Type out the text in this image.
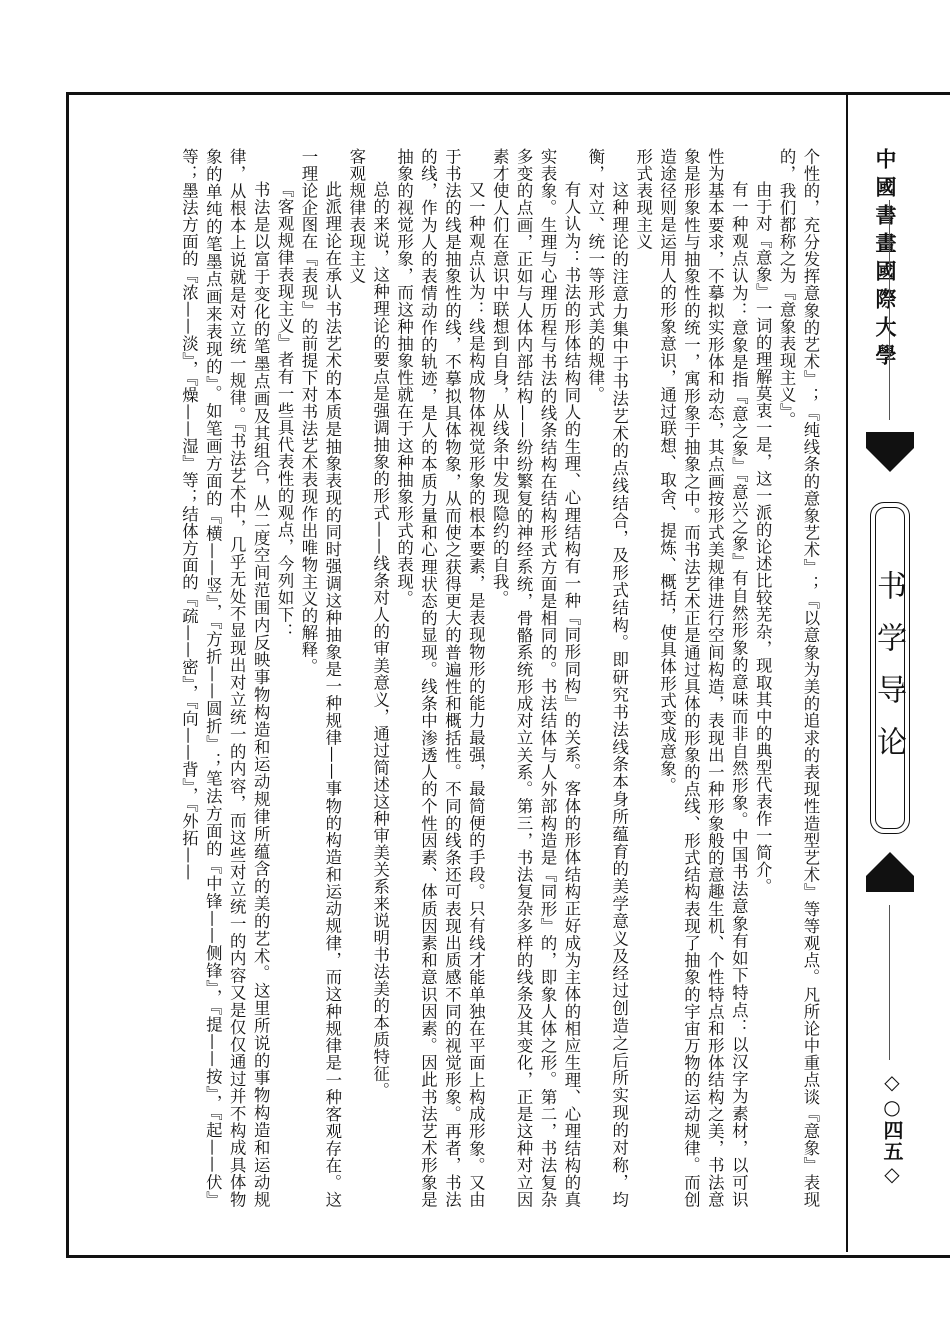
中國書畫國際大學
书学导论
◇○四五◇

个性的，充分发挥意象的艺术』；『纯线条的意象艺术』；『以意象为美的追求的表现性造型艺术』等等观点。凡所论中重点谈『意象』表现的，我们都称之为『意象表现主义』。

由于对『意象』一词的理解莫衷一是，这一派的论述比较芜杂，现取其中的典型代表作一简介。

有一种观点认为：意象是指『意之象』『意兴之象』有自然形象的意味而非自然形象。中国书法意象有如下特点：以汉字为素材，以可识性为基本要求，不摹拟实形体和动态，其点画按形式美规律进行空间构造，表现出一种形象般的意趣生机、个性特点和形体结构之美，书法意象是形象性与抽象性的统一，寓形象于抽象之中。而书法艺术正是通过具体的形象的点线、形式结构表现了抽象的宇宙万物的运动规律。而创造途径则是运用人的形象意识，通过联想、取舍、提炼、概括，使具体形式变成意象。

形式表现主义

这种理论的注意力集中于书法艺术的点线结合，及形式结构。即研究书法线条本身所蕴育的美学意义及经过创造之后所实现的对称，均衡，对立、统一等形式美的规律。

有人认为：书法的形体结构同人的生理、心理结构有一种『同形同构』的关系。客体的形体结构正好成为主体的相应生理、心理结构的真实表象。生理与心理历程与书法的线条结构在结构形式方面是相同的。书法结体与人外部构造是『同形』的，即象人体之形。第二，书法复杂多变的点画，正如与人体内部结构——纷纷繁复的神经系统，骨骼系统形成对立关系。第三，书法复杂多样的线条及其变化，正是这种对立因素才使人们在意识中联想到自身，从线条中发现隐约的自我。

又一种观点认为：线是构成物体视觉形象的根本要素，是表现物形的能力最强，最简便的手段。只有线才能单独在平面上构成形象。又由于书法的线是抽象性的线，不摹拟具体物象，从而使之获得更大的普遍性和概括性。不同的线条还可表现出质感不同的视觉形象。再者，书法的线，作为人的表情动作的轨迹，是人的本质力量和心理状态的显现。线条中渗透人的个性因素、体质因素和意识因素。因此书法艺术形象是抽象的视觉形象，而这种抽象性就在于这种抽象形式的表现。

总的来说，这种理论的要点是强调抽象的形式——线条对人的审美意义，通过简述这种审美关系来说明书法美的本质特征。

客观规律表现主义

此派理论在承认书法艺术的本质是抽象表现的同时强调这种抽象是一种规律——事物的构造和运动规律，而这种规律是一种客观存在。这一理论企图在『表现』的前提下对书法艺术表现作出唯物主义的解释。

『客观规律表现主义』者有一些具代表性的观点，今列如下：

书法是以富于变化的笔墨点画及其组合，从二度空间范围内反映事物构造和运动规律所蕴含的美的艺术。这里所说的事物构造和运动规律，从根本上说就是对立统一规律。『书法艺术中，几乎无处不显现出对立统一的内容，而这些对立统一的内容又是仅仅通过并不构成具体物象的单纯的笔墨点画来表现的』。如笔画方面的『横——竖』，『方折——圆折』；笔法方面的『中锋——侧锋』，『提——按』，『起——伏』等；墨法方面的『浓——淡』，『燥——湿』等；结体方面的『疏——密』，『向——背』，『外拓——
